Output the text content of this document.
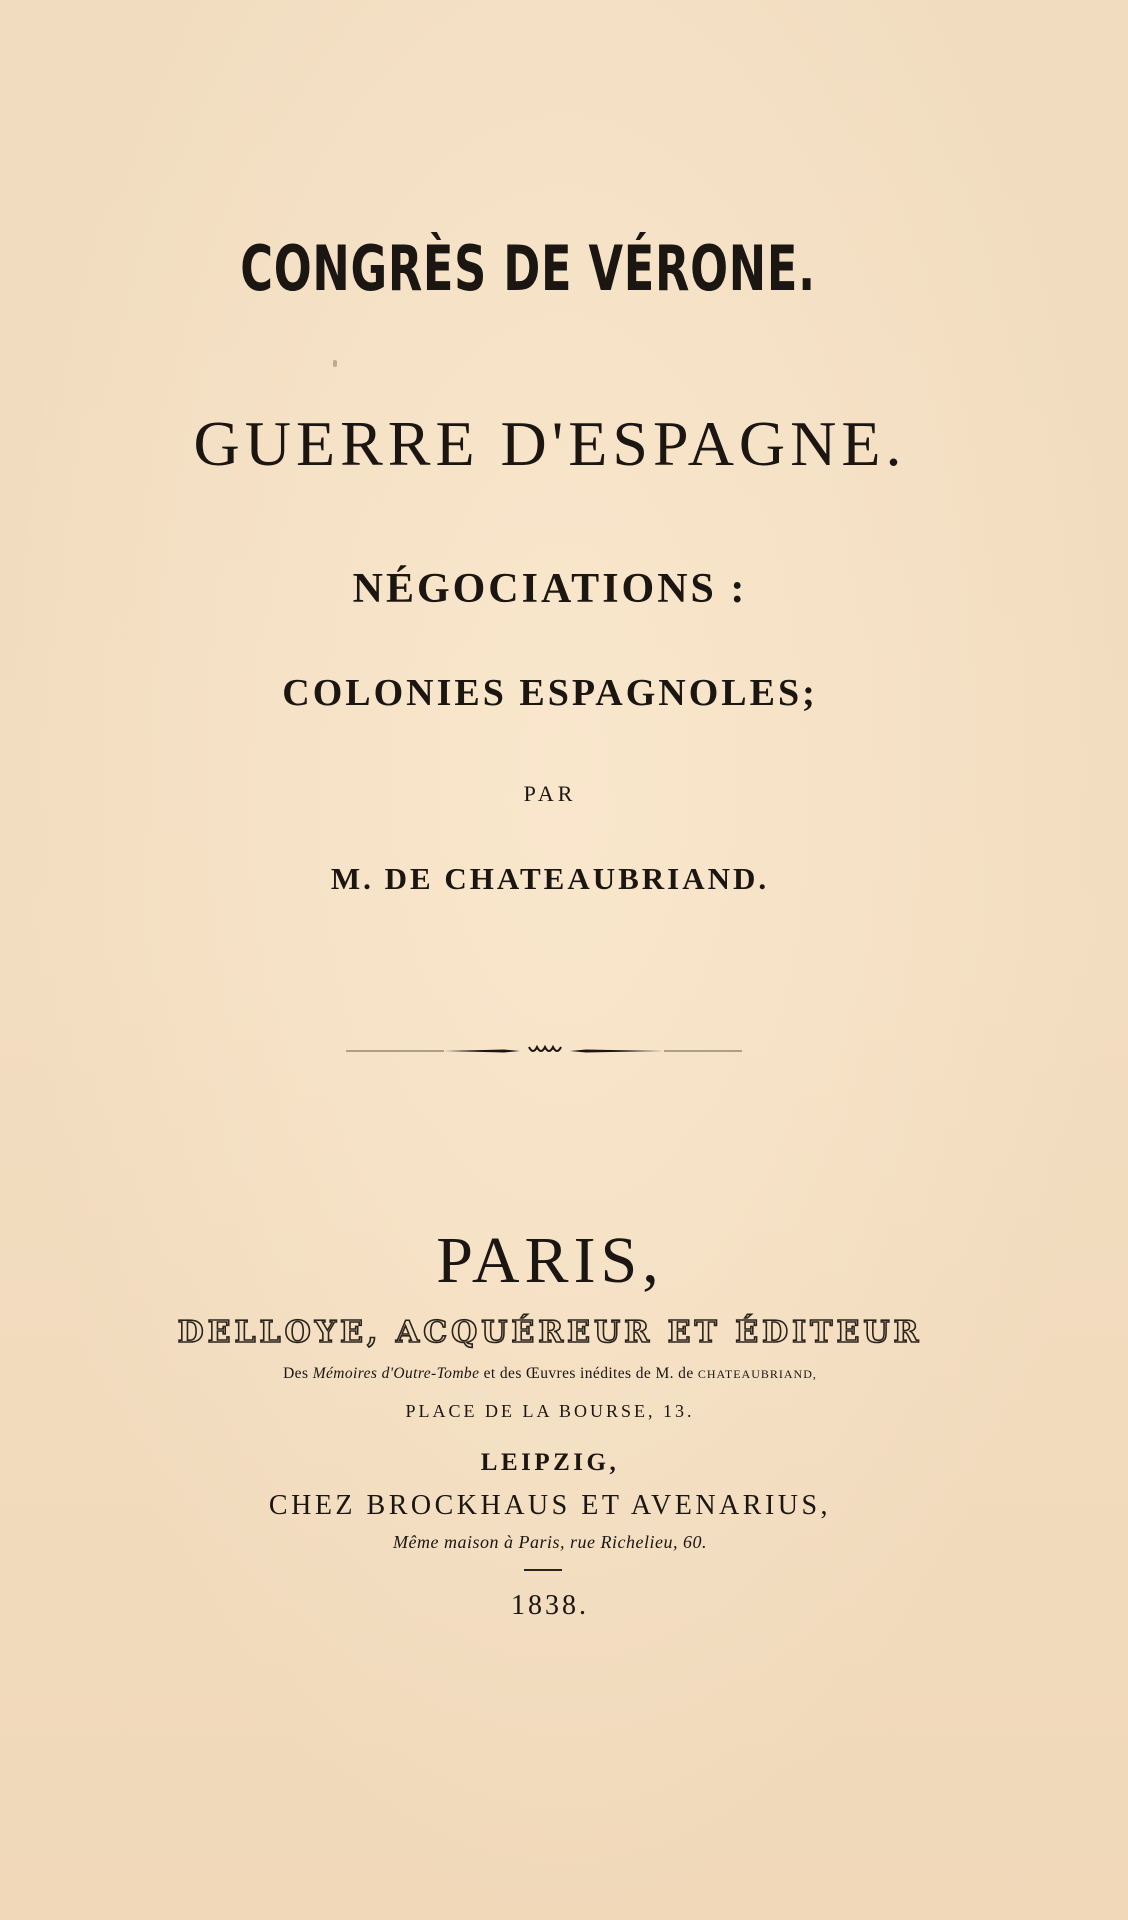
CONGRÈS DE VÉRONE.
GUERRE D'ESPAGNE.
NÉGOCIATIONS :
COLONIES ESPAGNOLES;
PAR
M. DE CHATEAUBRIAND.
PARIS,
DELLOYE, ACQUÉREUR ET ÉDITEUR
Des Mémoires d'Outre-Tombe et des Œuvres inédites de M. de CHATEAUBRIAND,
PLACE DE LA BOURSE, 13.
LEIPZIG,
CHEZ BROCKHAUS ET AVENARIUS,
Même maison à Paris, rue Richelieu, 60.
1838.
